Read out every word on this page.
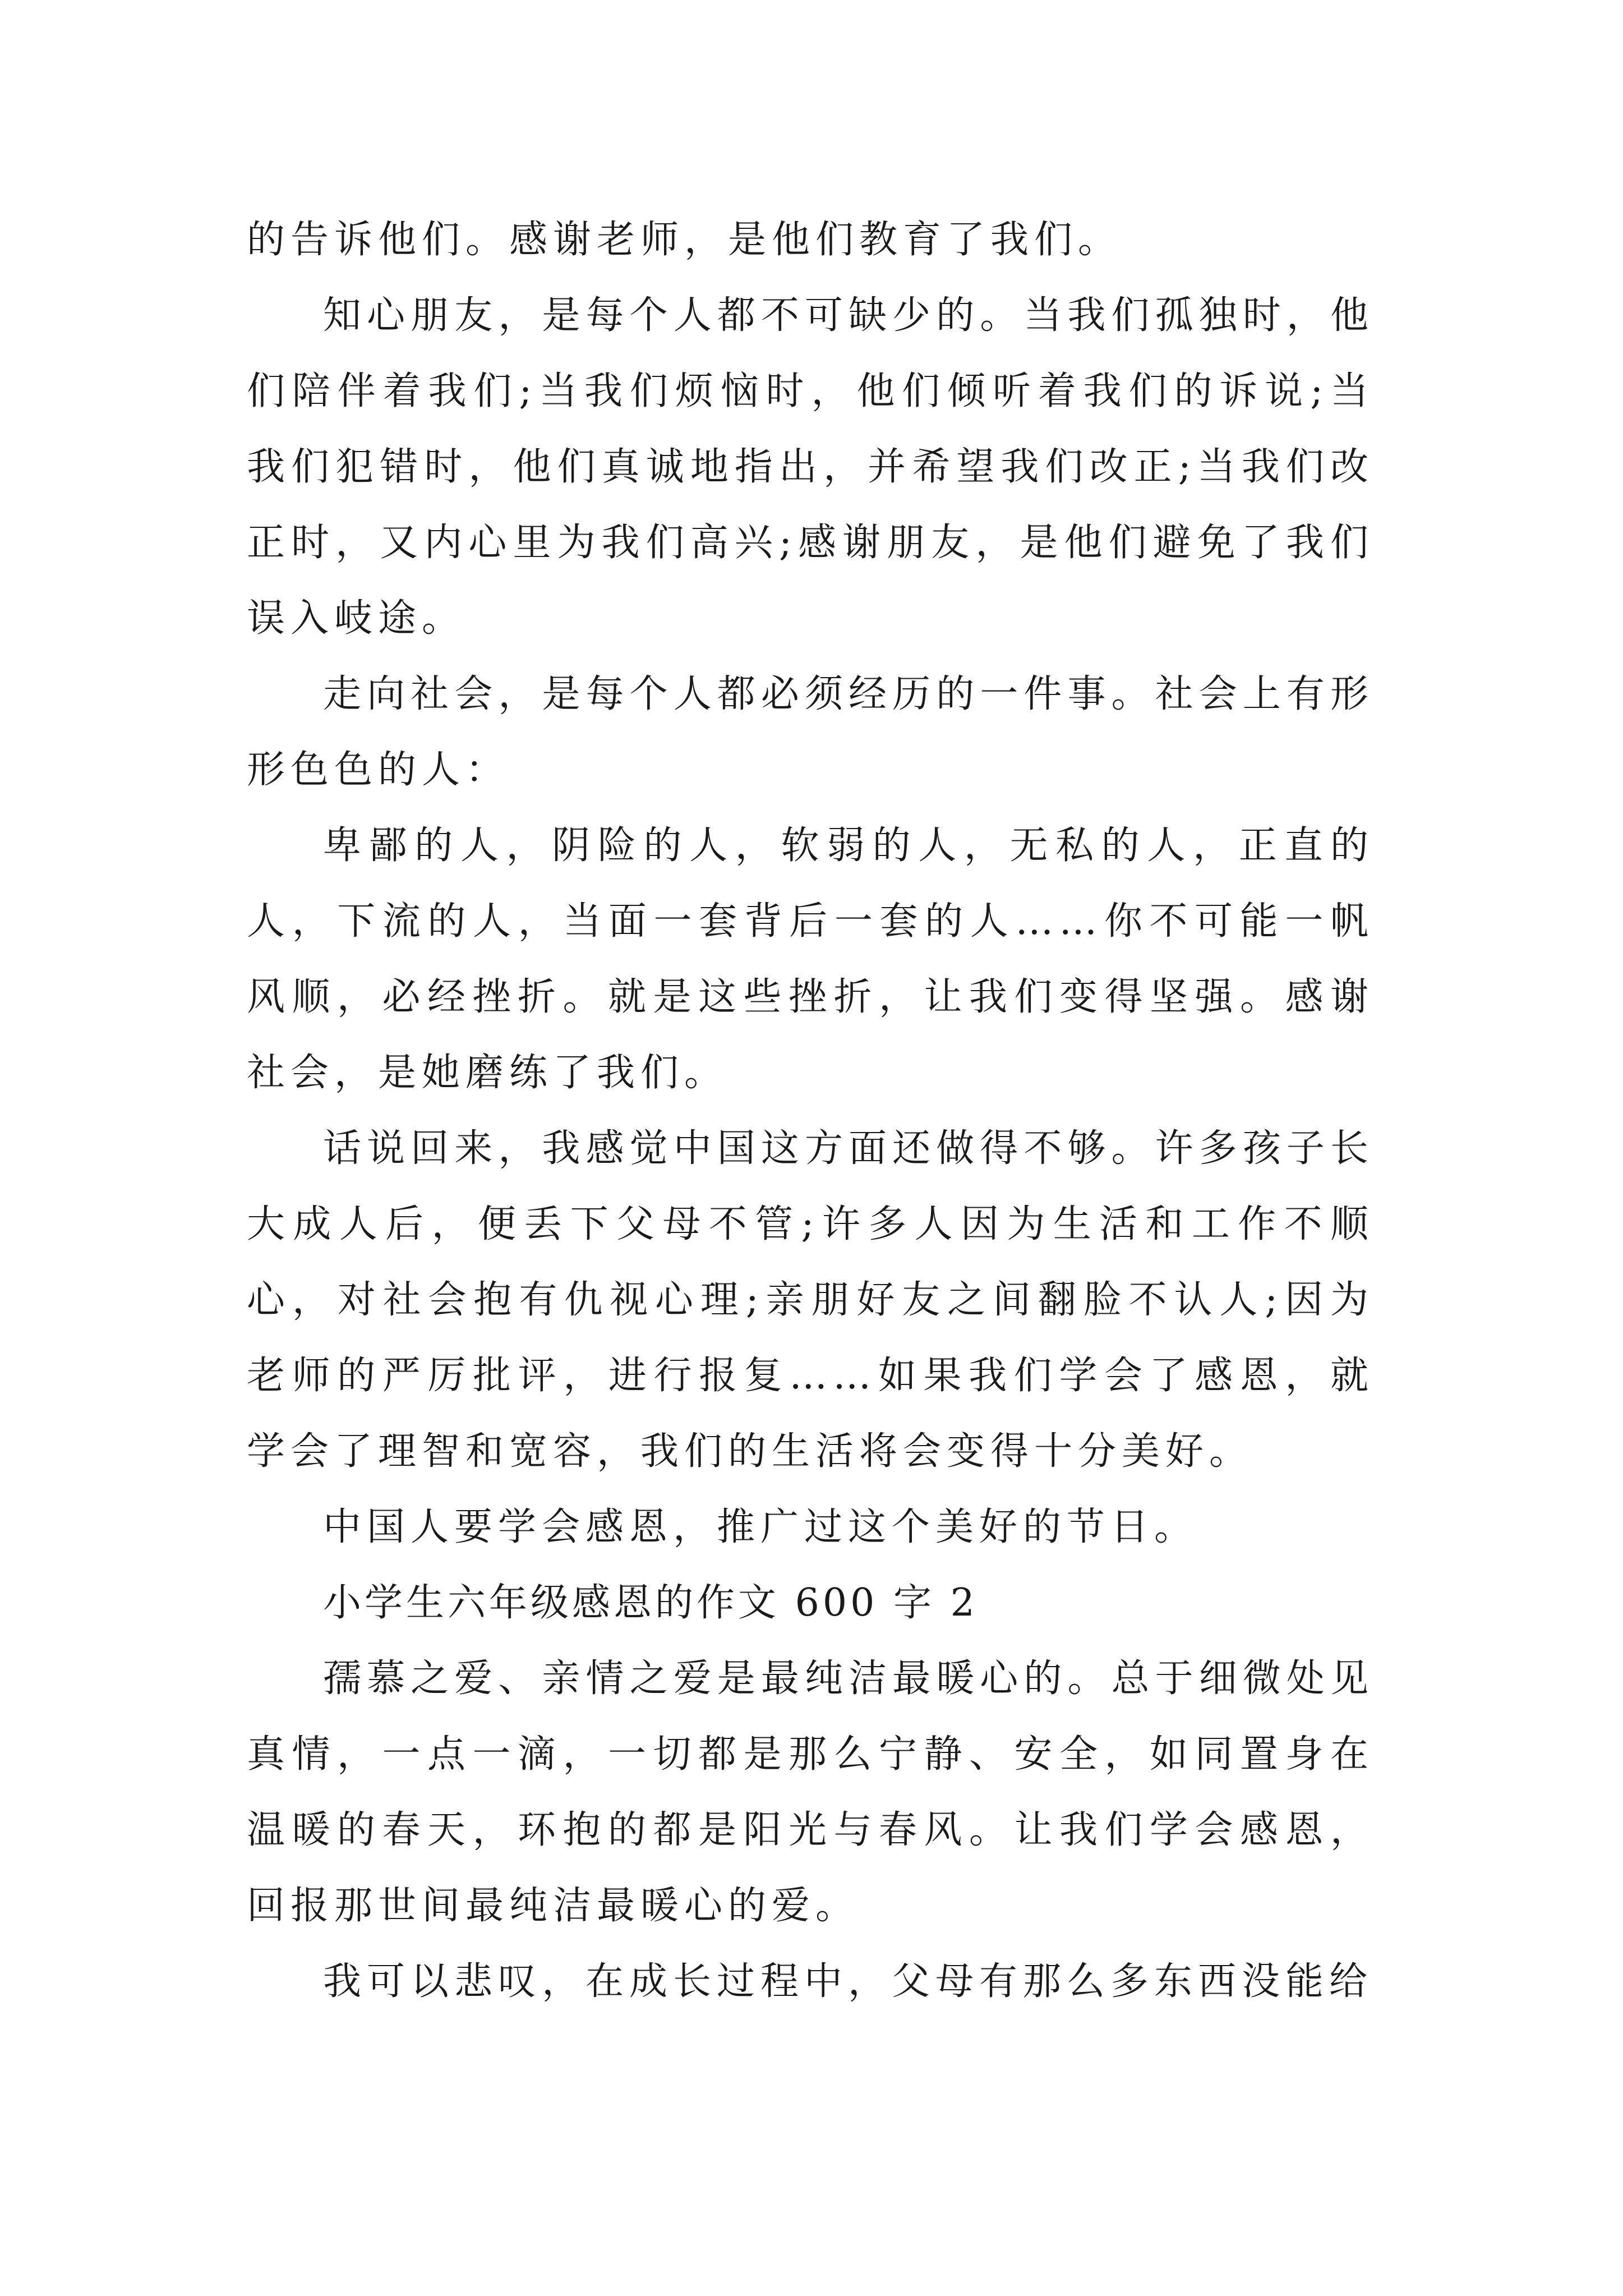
的告诉他们。感谢老师，是他们教育了我们。

知心朋友，是每个人都不可缺少的。当我们孤独时，他们陪伴着我们;当我们烦恼时，他们倾听着我们的诉说;当我们犯错时，他们真诚地指出，并希望我们改正;当我们改正时，又内心里为我们高兴;感谢朋友，是他们避免了我们误入岐途。

走向社会，是每个人都必须经历的一件事。社会上有形形色色的人：

卑鄙的人，阴险的人，软弱的人，无私的人，正直的人，下流的人，当面一套背后一套的人……你不可能一帆风顺，必经挫折。就是这些挫折，让我们变得坚强。感谢社会，是她磨练了我们。

话说回来，我感觉中国这方面还做得不够。许多孩子长大成人后，便丢下父母不管;许多人因为生活和工作不顺心，对社会抱有仇视心理;亲朋好友之间翻脸不认人;因为老师的严厉批评，进行报复……如果我们学会了感恩，就学会了理智和宽容，我们的生活将会变得十分美好。

中国人要学会感恩，推广过这个美好的节日。

小学生六年级感恩的作文 600 字 2

孺慕之爱、亲情之爱是最纯洁最暖心的。总于细微处见真情，一点一滴，一切都是那么宁静、安全，如同置身在温暖的春天，环抱的都是阳光与春风。让我们学会感恩，回报那世间最纯洁最暖心的爱。

我可以悲叹，在成长过程中，父母有那么多东西没能给
